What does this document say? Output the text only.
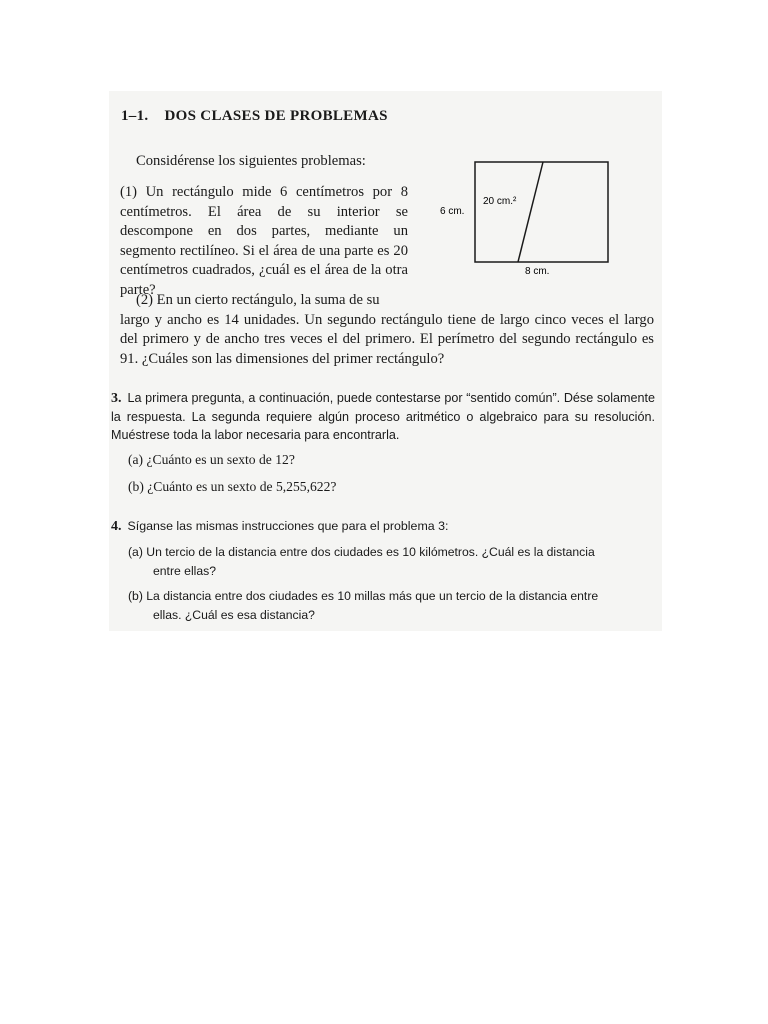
1–1. DOS CLASES DE PROBLEMAS
Considérense los siguientes problemas:
(1) Un rectángulo mide 6 centímetros por 8 centímetros. El área de su interior se descompone en dos partes, mediante un segmento rectilíneo. Si el área de una parte es 20 centímetros cuadrados, ¿cuál es el área de la otra parte?
20 cm.²
6 cm.
8 cm.
(2) En un cierto rectángulo, la suma de su
largo y ancho es 14 unidades. Un segundo rectángulo tiene de largo cinco veces el largo del primero y de ancho tres veces el del primero. El perímetro del segundo rectángulo es 91. ¿Cuáles son las dimensiones del primer rectángulo?
3. La primera pregunta, a continuación, puede contestarse por “sentido común”. Dése solamente la respuesta. La segunda requiere algún proceso aritmético o algebraico para su resolución. Muéstrese toda la labor necesaria para encontrarla.
(a) ¿Cuánto es un sexto de 12?
(b) ¿Cuánto es un sexto de 5,255,622?
4. Síganse las mismas instrucciones que para el problema 3:
(a) Un tercio de la distancia entre dos ciudades es 10 kilómetros. ¿Cuál es la distancia
entre ellas?
(b) La distancia entre dos ciudades es 10 millas más que un tercio de la distancia entre
ellas. ¿Cuál es esa distancia?
